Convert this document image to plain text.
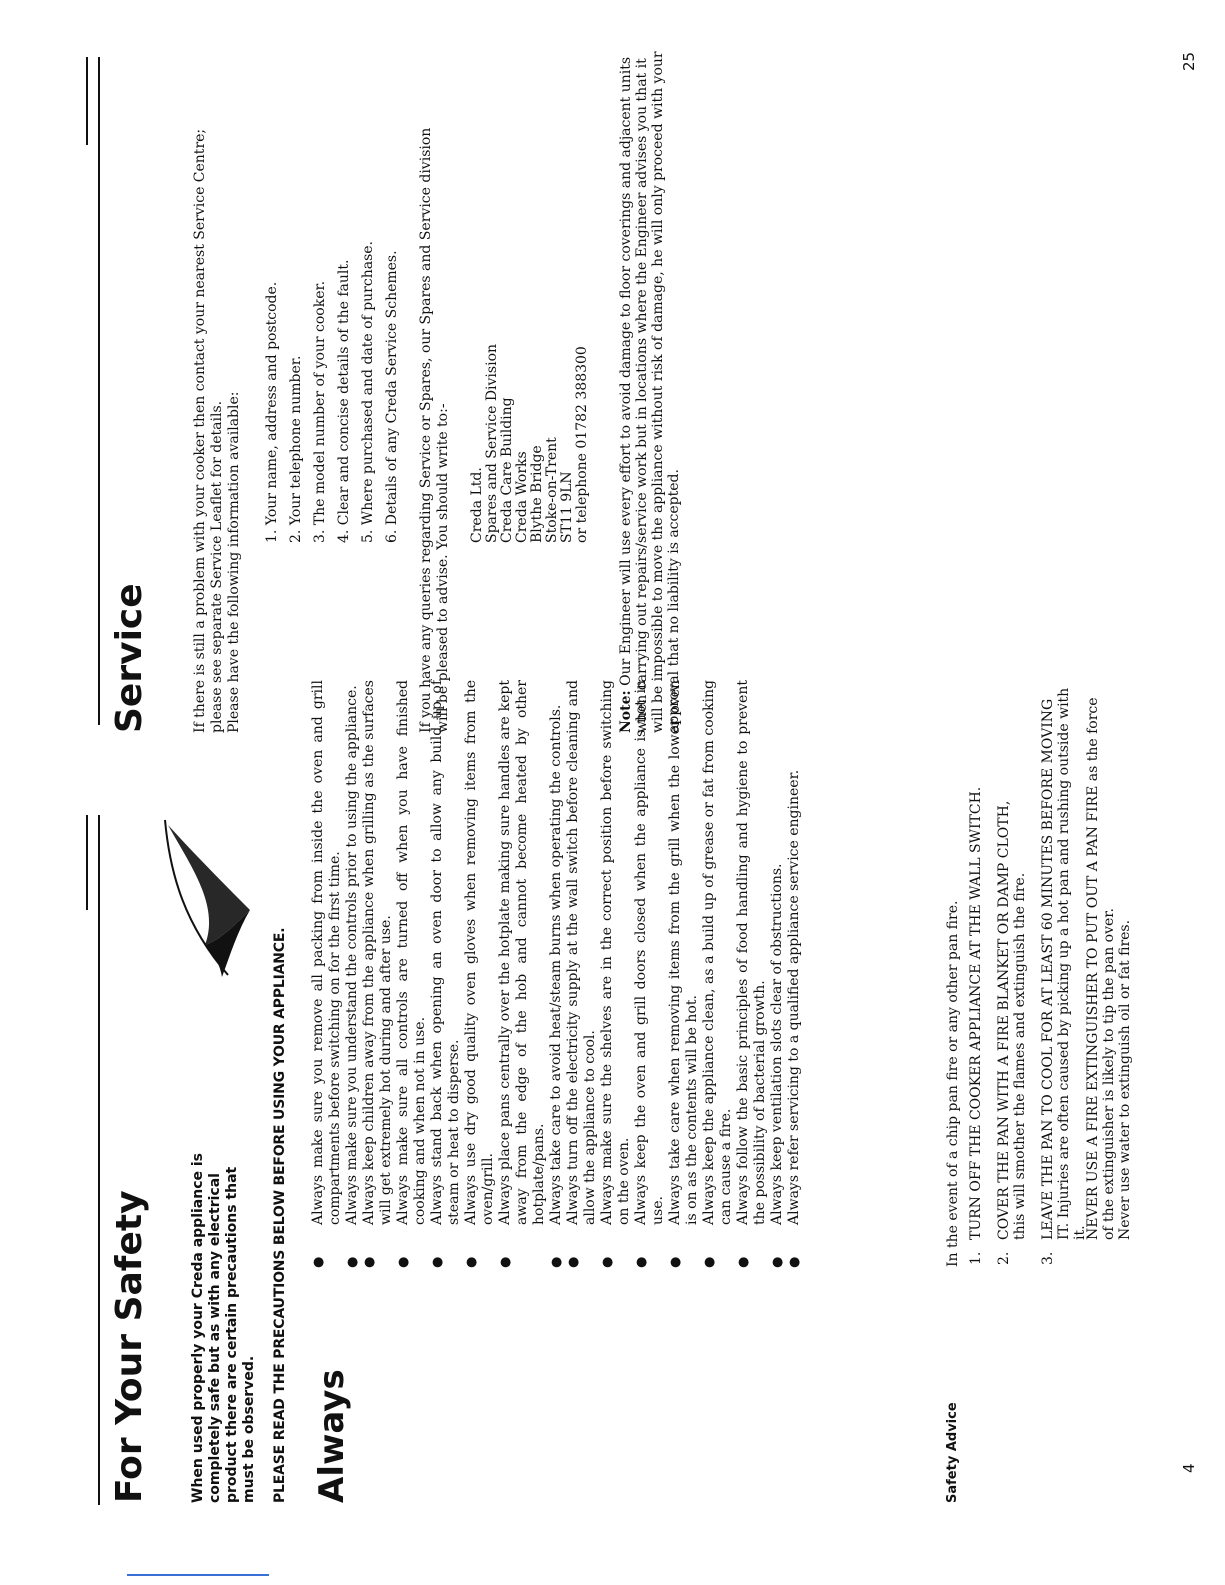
For Your Safety	When used properly your Creda appliance is completely safe but as with any electrical product there are certain precautions that must be observed. PLEASE READ THE PRECAUTIONS BELOW BEFORE USING YOUR APPLIANCE. Always
● Always make sure you remove all packing from inside the oven and grill compartments before switching on for the first time. ● Always make sure you understand the controls prior to using the appliance. ● Always keep children away from the appliance when grilling as the surfaces will get extremely hot during and after use. ● Always make sure all controls are turned off when you have finished cooking and when not in use. ● Always stand back when opening an oven door to allow any build up of steam or heat to disperse. ● Always use dry good quality oven gloves when removing items from the oven/grill. ● Always place pans centrally over the hotplate making sure handles are kept away from the edge of the hob and cannot become heated by other hotplate/pans. ● Always take care to avoid heat/steam burns when operating the controls. ● Always turn off the electricity supply at the wall switch before cleaning and allow the appliance to cool. ● Always make sure the shelves are in the correct position before switching on the oven. ● Always keep the oven and grill doors closed when the appliance is not in use. ● Always take care when removing items from the grill when the lower oven is on as the contents will be hot. ● Always keep the appliance clean, as a build up of grease or fat from cooking can cause a fire. ● Always follow the basic principles of food handling and hygiene to prevent the possibility of bacterial growth. ● Always keep ventilation slots clear of obstructions. ● Always refer servicing to a qualified appliance service engineer.
Safety Advice
In the event of a chip pan fire or any other pan fire. 1.
TURN OFF THE COOKER APPLIANCE AT THE WALL SWITCH.
2.
COVER THE PAN WITH A FIRE BLANKET OR DAMP CLOTH,
this will smother the flames and extinguish the fire.
3.
LEAVE THE PAN TO COOL FOR AT LEAST 60 MINUTES BEFORE MOVING IT. Injuries are often caused by picking up a hot pan and rushing outside with it.
NEVER USE A FIRE EXTINGUISHER TO PUT OUT A PAN FIRE as the force of the extinguisher is likely to tip the pan over.
Never use water to extinguish oil or fat fires.
4
Service	If there is still a problem with your cooker then contact your nearest Service Centre; please see separate Service Leaflet for details. Please have the following information available: 1. Your name, address and postcode. 2. Your telephone number. 3. The model number of your cooker. 4. Clear and concise details of the fault. 5. Where purchased and date of purchase. 6. Details of any Creda Service Schemes. If you have any queries regarding Service or Spares, our Spares and Service division will be pleased to advise. You should write to:- Creda Ltd. Spares and Service Division Creda Care Building Creda Works Blythe Bridge Stoke-on-Trent ST11 9LN or telephone 01782 388300
Note: Our Engineer will use every effort to avoid damage to floor coverings and adjacent units when carrying out repairs/service work but in locations where the Engineer advises you that it will be impossible to move the appliance without risk of damage, he will only proceed with your approval that no liability is accepted.
25
